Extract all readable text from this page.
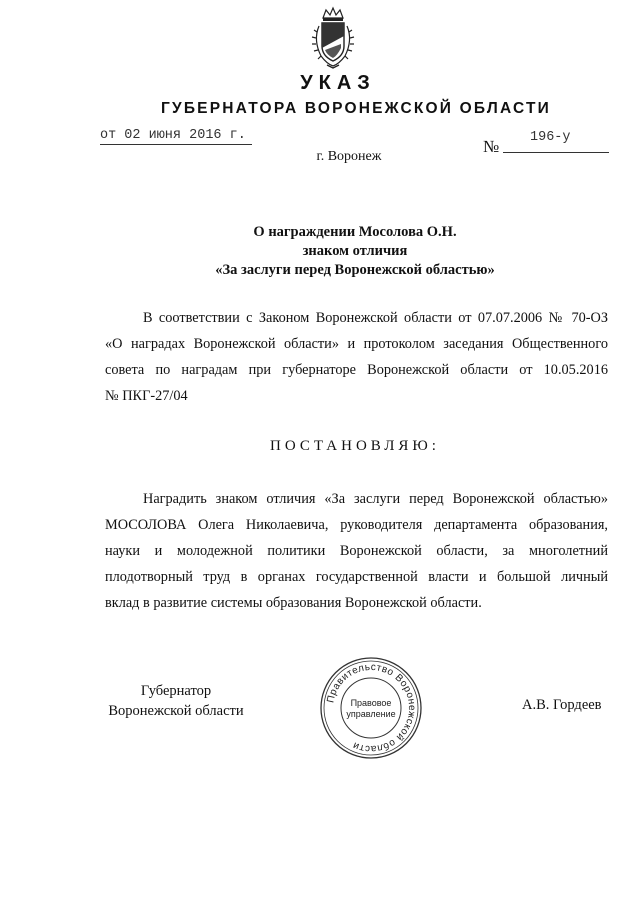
УКАЗ
ГУБЕРНАТОРА ВОРОНЕЖСКОЙ ОБЛАСТИ
от 02 июня 2016 г.
№ 196-у
г. Воронеж
О награждении Мосолова О.Н.
знаком отличия
«За заслуги перед Воронежской областью»
В соответствии с Законом Воронежской области от 07.07.2006 № 70-ОЗ
«О наградах Воронежской области» и протоколом заседания Общественного
совета по наградам при губернаторе Воронежской области от 10.05.2016
№ ПКГ-27/04
ПОСТАНОВЛЯЮ:
Наградить знаком отличия «За заслуги перед Воронежской областью»
МОСОЛОВА Олега Николаевича, руководителя департамента образования,
науки и молодежной политики Воронежской области, за многолетний
плодотворный труд в органах государственной власти и большой личный
вклад в развитие системы образования Воронежской области.
Губернатор
Воронежской области
Правительство Воронежской области
Правовое
управление
А.В. Гордеев
